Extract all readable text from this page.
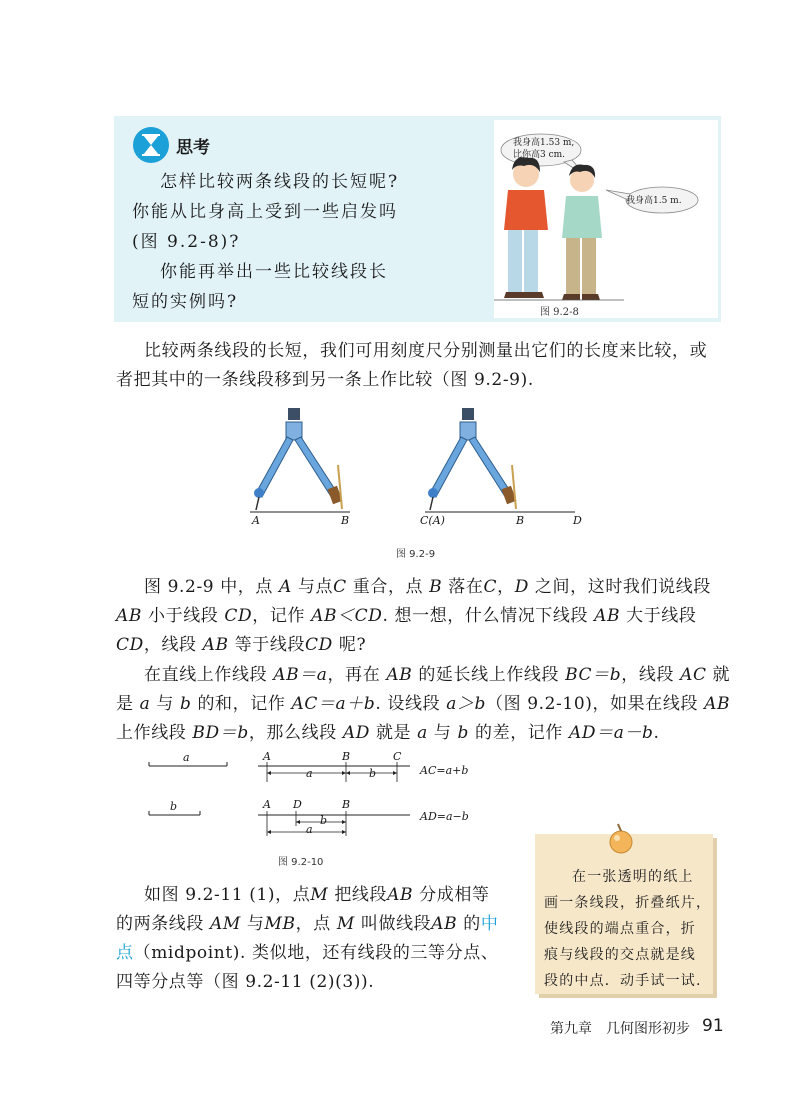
思考
怎样比较两条线段的长短呢?
你能从比身高上受到一些启发吗
(图 9.2-8)?
你能再举出一些比较线段长
短的实例吗?
我身高1.53 m,
比你高3 cm.
我身高1.5 m.
图 9.2-8
比较两条线段的长短，我们可用刻度尺分别测量出它们的长度来比较，或
者把其中的一条线段移到另一条上作比较（图 9.2-9).
A	B	C(A)	B	D
图 9.2-9
图 9.2-9 中，点 A 与点C 重合，点 B 落在C，D 之间，这时我们说线段
AB 小于线段 CD，记作 AB＜CD. 想一想，什么情况下线段 AB 大于线段
CD，线段 AB 等于线段CD 呢?
在直线上作线段 AB＝a，再在 AB 的延长线上作线段 BC＝b，线段 AC 就
是 a 与 b 的和，记作 AC＝a＋b. 设线段 a＞b（图 9.2-10)，如果在线段 AB
上作线段 BD＝b，那么线段 AD 就是 a 与 b 的差，记作 AD＝a－b.
a	A	B	C
a	b	AC=a+b
b	A D	B
b
a
AD=a−b
图 9.2-10
如图 9.2-11 (1)，点M 把线段AB 分成相等
的两条线段 AM 与MB，点 M 叫做线段AB 的中
点（midpoint). 类似地，还有线段的三等分点、
四等分点等（图 9.2-11 (2)(3)).
在一张透明的纸上
画一条线段，折叠纸片，
使线段的端点重合，折
痕与线段的交点就是线
段的中点．动手试一试.
第九章　几何图形初步 91
